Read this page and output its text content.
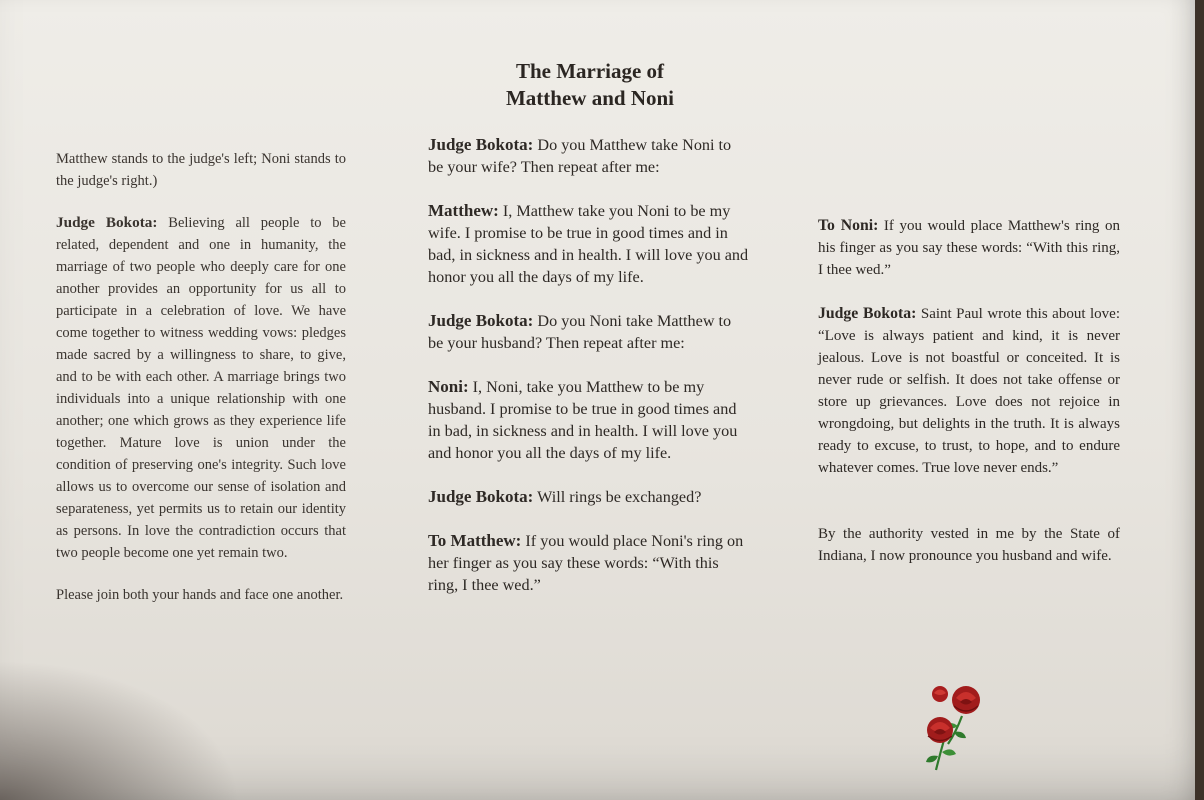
The Marriage of
Matthew and Noni

Matthew stands to the judge's left; Noni stands to the judge's right.)

Judge Bokota: Believing all people to be related, dependent and one in humanity, the marriage of two people who deeply care for one another provides an opportunity for us all to participate in a celebration of love. We have come together to witness wedding vows: pledges made sacred by a willingness to share, to give, and to be with each other. A marriage brings two individuals into a unique relationship with one another; one which grows as they experience life together. Mature love is union under the condition of preserving one's integrity. Such love allows us to overcome our sense of isolation and separateness, yet permits us to retain our identity as persons. In love the contradiction occurs that two people become one yet remain two.

Please join both your hands and face one another.

Judge Bokota: Do you Matthew take Noni to be your wife? Then repeat after me:

Matthew: I, Matthew take you Noni to be my wife. I promise to be true in good times and in bad, in sickness and in health. I will love you and honor you all the days of my life.

Judge Bokota: Do you Noni take Matthew to be your husband? Then repeat after me:

Noni: I, Noni, take you Matthew to be my husband. I promise to be true in good times and in bad, in sickness and in health. I will love you and honor you all the days of my life.

Judge Bokota: Will rings be exchanged?

To Matthew: If you would place Noni's ring on her finger as you say these words: “With this ring, I thee wed.”

To Noni: If you would place Matthew's ring on his finger as you say these words: “With this ring, I thee wed.”

Judge Bokota: Saint Paul wrote this about love: “Love is always patient and kind, it is never jealous. Love is not boastful or conceited. It is never rude or selfish. It does not take offense or store up grievances. Love does not rejoice in wrongdoing, but delights in the truth. It is always ready to excuse, to trust, to hope, and to endure whatever comes. True love never ends.”

By the authority vested in me by the State of Indiana, I now pronounce you husband and wife.
